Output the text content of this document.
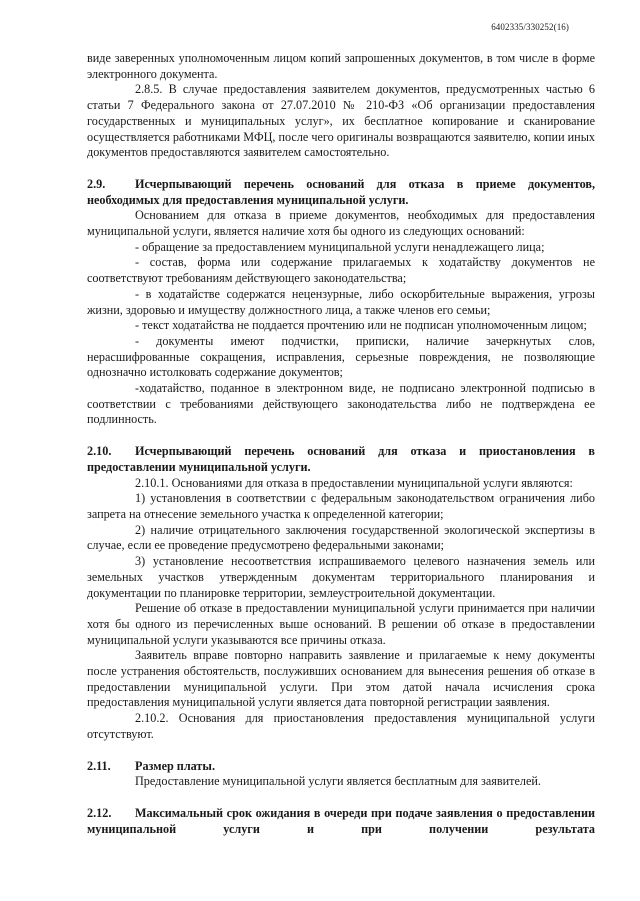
6402335/330252(16)

виде заверенных уполномоченным лицом копий запрошенных документов, в том числе в форме электронного документа.

2.8.5. В случае предоставления заявителем документов, предусмотренных частью 6 статьи 7 Федерального закона от 27.07.2010 № 210-ФЗ «Об организации предоставления государственных и муниципальных услуг», их бесплатное копирование и сканирование осуществляется работниками МФЦ, после чего оригиналы возвращаются заявителю, копии иных документов предоставляются заявителем самостоятельно.

2.9. Исчерпывающий перечень оснований для отказа в приеме документов, необходимых для предоставления муниципальной услуги.

Основанием для отказа в приеме документов, необходимых для предоставления муниципальной услуги, является наличие хотя бы одного из следующих оснований:

- обращение за предоставлением муниципальной услуги ненадлежащего лица;

- состав, форма или содержание прилагаемых к ходатайству документов не соответствуют требованиям действующего законодательства;

- в ходатайстве содержатся нецензурные, либо оскорбительные выражения, угрозы жизни, здоровью и имуществу должностного лица, а также членов его семьи;

- текст ходатайства не поддается прочтению или не подписан уполномоченным лицом;

- документы имеют подчистки, приписки, наличие зачеркнутых слов, нерасшифрованные сокращения, исправления, серьезные повреждения, не позволяющие однозначно истолковать содержание документов;

-ходатайство, поданное в электронном виде, не подписано электронной подписью в соответствии с требованиями действующего законодательства либо не подтверждена ее подлинность.

2.10. Исчерпывающий перечень оснований для отказа и приостановления в предоставлении муниципальной услуги.

2.10.1. Основаниями для отказа в предоставлении муниципальной услуги являются:

1) установления в соответствии с федеральным законодательством ограничения либо запрета на отнесение земельного участка к определенной категории;

2) наличие отрицательного заключения государственной экологической экспертизы в случае, если ее проведение предусмотрено федеральными законами;

3) установление несоответствия испрашиваемого целевого назначения земель или земельных участков утвержденным документам территориального планирования и документации по планировке территории, землеустроительной документации.

Решение об отказе в предоставлении муниципальной услуги принимается при наличии хотя бы одного из перечисленных выше оснований. В решении об отказе в предоставлении муниципальной услуги указываются все причины отказа.

Заявитель вправе повторно направить заявление и прилагаемые к нему документы после устранения обстоятельств, послуживших основанием для вынесения решения об отказе в предоставлении муниципальной услуги. При этом датой начала исчисления срока предоставления муниципальной услуги является дата повторной регистрации заявления.

2.10.2. Основания для приостановления предоставления муниципальной услуги отсутствуют.

2.11. Размер платы.

Предоставление муниципальной услуги является бесплатным для заявителей.

2.12. Максимальный срок ожидания в очереди при подаче заявления о предоставлении муниципальной услуги и при получении результата
